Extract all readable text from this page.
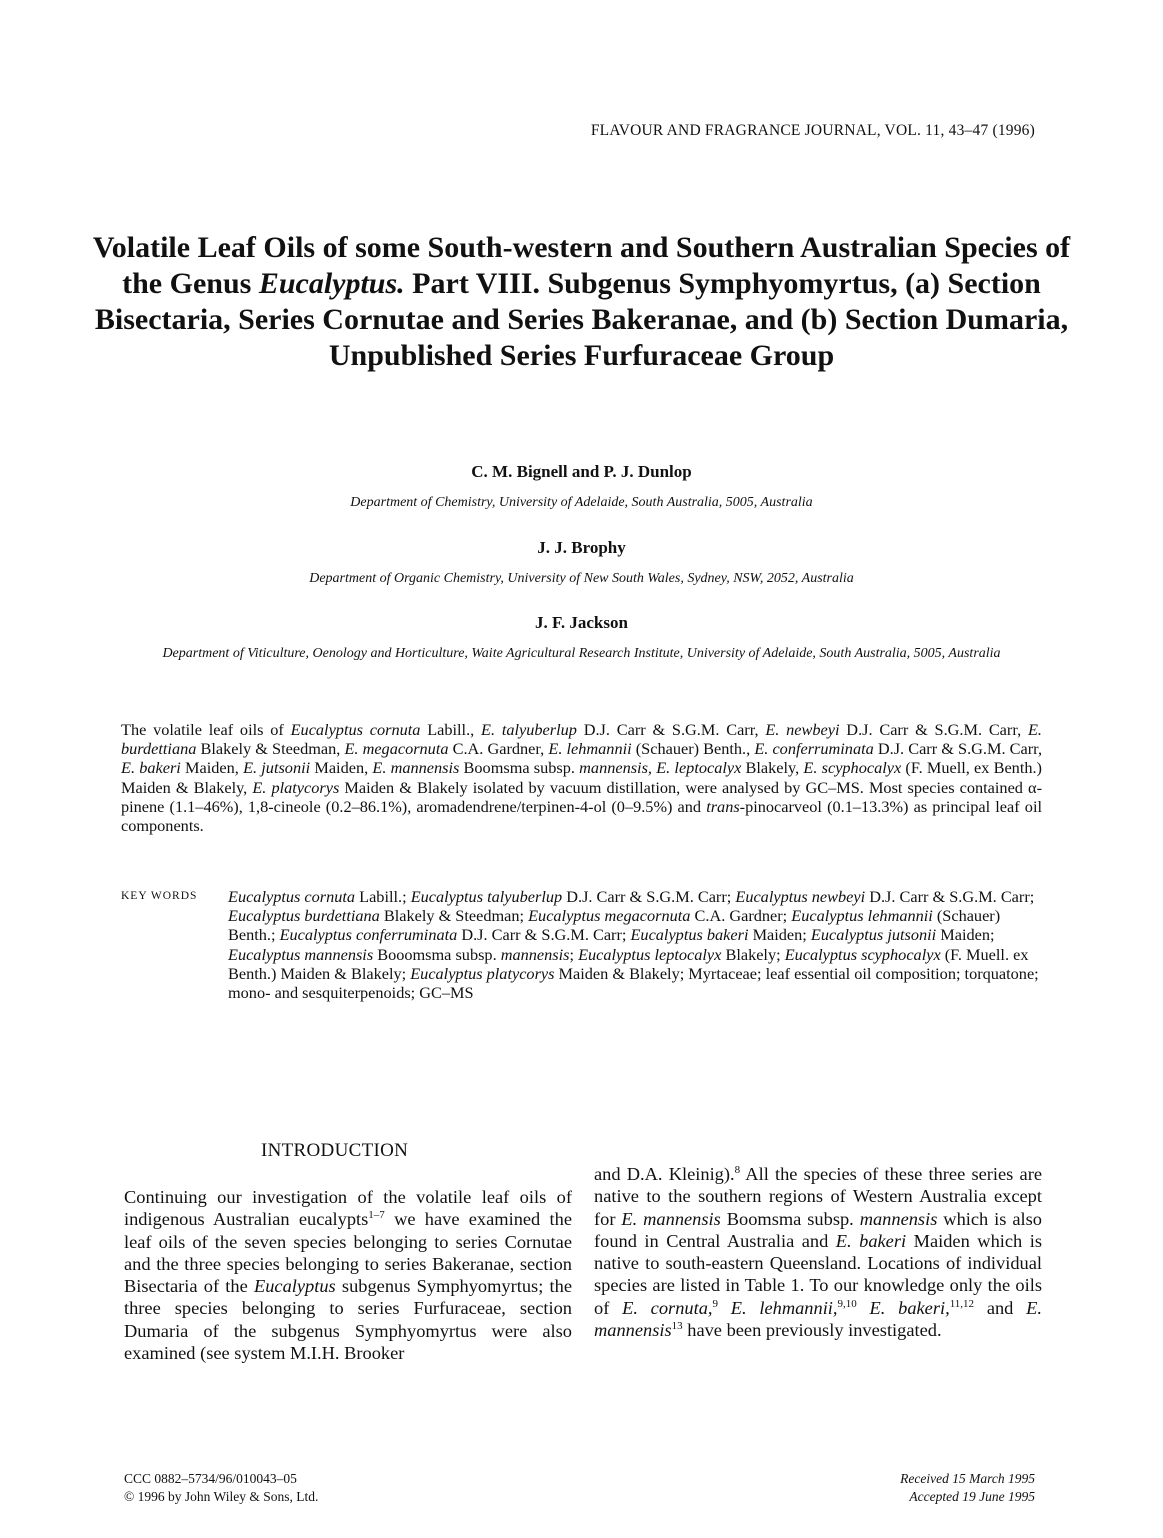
FLAVOUR AND FRAGRANCE JOURNAL, VOL. 11, 43–47 (1996)
Volatile Leaf Oils of some South-western and Southern Australian Species of the Genus Eucalyptus. Part VIII. Subgenus Symphyomyrtus, (a) Section Bisectaria, Series Cornutae and Series Bakeranae, and (b) Section Dumaria, Unpublished Series Furfuraceae Group
C. M. Bignell and P. J. Dunlop
Department of Chemistry, University of Adelaide, South Australia, 5005, Australia
J. J. Brophy
Department of Organic Chemistry, University of New South Wales, Sydney, NSW, 2052, Australia
J. F. Jackson
Department of Viticulture, Oenology and Horticulture, Waite Agricultural Research Institute, University of Adelaide, South Australia, 5005, Australia
The volatile leaf oils of Eucalyptus cornuta Labill., E. talyuberlup D.J. Carr & S.G.M. Carr, E. newbeyi D.J. Carr & S.G.M. Carr, E. burdettiana Blakely & Steedman, E. megacornuta C.A. Gardner, E. lehmannii (Schauer) Benth., E. conferruminata D.J. Carr & S.G.M. Carr, E. bakeri Maiden, E. jutsonii Maiden, E. mannensis Boomsma subsp. mannensis, E. leptocalyx Blakely, E. scyphocalyx (F. Muell, ex Benth.) Maiden & Blakely, E. platycorys Maiden & Blakely isolated by vacuum distillation, were analysed by GC–MS. Most species contained α-pinene (1.1–46%), 1,8-cineole (0.2–86.1%), aromadendrene/terpinen-4-ol (0–9.5%) and trans-pinocarveol (0.1–13.3%) as principal leaf oil components.
KEY WORDS Eucalyptus cornuta Labill.; Eucalyptus talyuberlup D.J. Carr & S.G.M. Carr; Eucalyptus newbeyi D.J. Carr & S.G.M. Carr; Eucalyptus burdettiana Blakely & Steedman; Eucalyptus megacornuta C.A. Gardner; Eucalyptus lehmannii (Schauer) Benth.; Eucalyptus conferruminata D.J. Carr & S.G.M. Carr; Eucalyptus bakeri Maiden; Eucalyptus jutsonii Maiden; Eucalyptus mannensis Booomsma subsp. mannensis; Eucalyptus leptocalyx Blakely; Eucalyptus scyphocalyx (F. Muell. ex Benth.) Maiden & Blakely; Eucalyptus platycorys Maiden & Blakely; Myrtaceae; leaf essential oil composition; torquatone; mono- and sesquiterpenoids; GC–MS
INTRODUCTION
Continuing our investigation of the volatile leaf oils of indigenous Australian eucalypts$^{1-7}$ we have examined the leaf oils of the seven species belonging to series Cornutae and the three species belonging to series Bakeranae, section Bisectaria of the Eucalyptus subgenus Symphyomyrtus; the three species belonging to series Furfuraceae, section Dumaria of the subgenus Symphyomyrtus were also examined (see system M.I.H. Brooker
and D.A. Kleinig).$^8$ All the species of these three series are native to the southern regions of Western Australia except for E. mannensis Boomsma subsp. mannensis which is also found in Central Australia and E. bakeri Maiden which is native to south-eastern Queensland. Locations of individual species are listed in Table 1. To our knowledge only the oils of E. cornuta,$^9$ E. lehmannii,$^{9,10}$ E. bakeri,$^{11,12}$ and E. mannensis$^{13}$ have been previously investigated.
CCC 0882–5734/96/010043–05
© 1996 by John Wiley & Sons, Ltd.
Received 15 March 1995
Accepted 19 June 1995
